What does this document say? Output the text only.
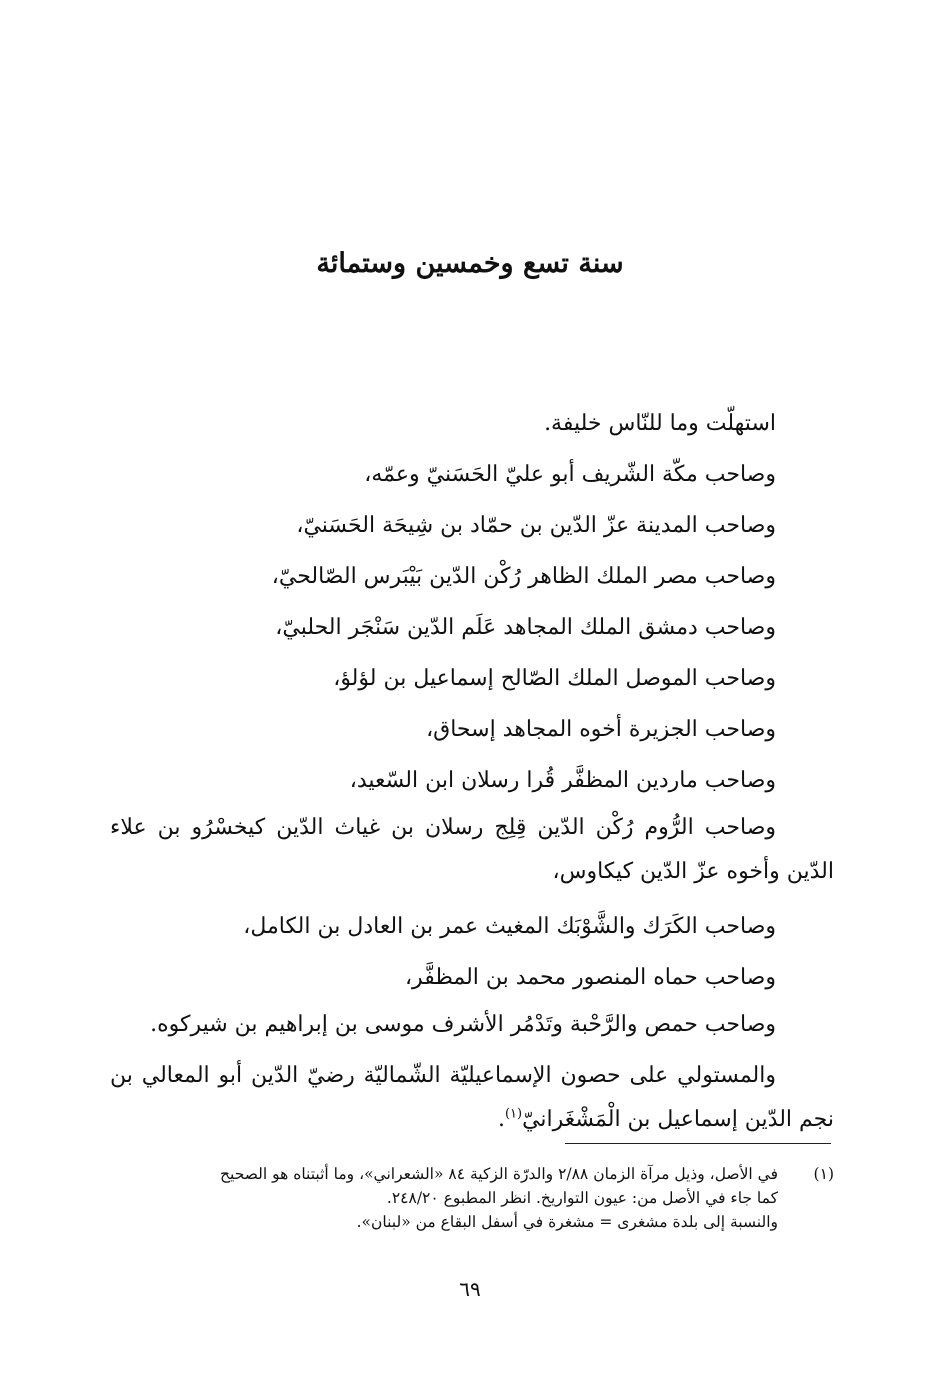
سنة تسع وخمسين وستمائة
استهلّت وما للنّاس خليفة.
وصاحب مكّة الشّريف أبو عليّ الحَسَنيّ وعمّه،
وصاحب المدينة عزّ الدّين بن حمّاد بن شِيحَة الحَسَنيّ،
وصاحب مصر الملك الظاهر رُكْن الدّين بَيْبَرس الصّالحيّ،
وصاحب دمشق الملك المجاهد عَلَم الدّين سَنْجَر الحلبيّ،
وصاحب الموصل الملك الصّالح إسماعيل بن لؤلؤ،
وصاحب الجزيرة أخوه المجاهد إسحاق،
وصاحب ماردين المظفَّر قُرا رسلان ابن السّعيد،
وصاحب الرُّوم رُكْن الدّين قِلِج رسلان بن غياث الدّين كيخسْرُو بن علاء الدّين وأخوه عزّ الدّين كيكاوس،
وصاحب الكَرَك والشَّوْبَك المغيث عمر بن العادل بن الكامل،
وصاحب حماه المنصور محمد بن المظفَّر،
وصاحب حمص والرَّحْبة وتَدْمُر الأشرف موسى بن إبراهيم بن شيركوه.
والمستولي على حصون الإسماعيليّة الشّماليّة رضيّ الدّين أبو المعالي بن نجم الدّين إسماعيل بن الْمَشْغَرانيّ$^{(١)}$.
(١)
في الأصل، وذيل مرآة الزمان ٢/٨٨ والدرّة الزكية ٨٤ «الشعراني»، وما أثبتناه هو الصحيح
كما جاء في الأصل من: عيون التواريخ. انظر المطبوع ٢٤٨/٢٠.
والنسبة إلى بلدة مشغرى = مشغرة في أسفل البقاع من «لبنان».
٦٩
